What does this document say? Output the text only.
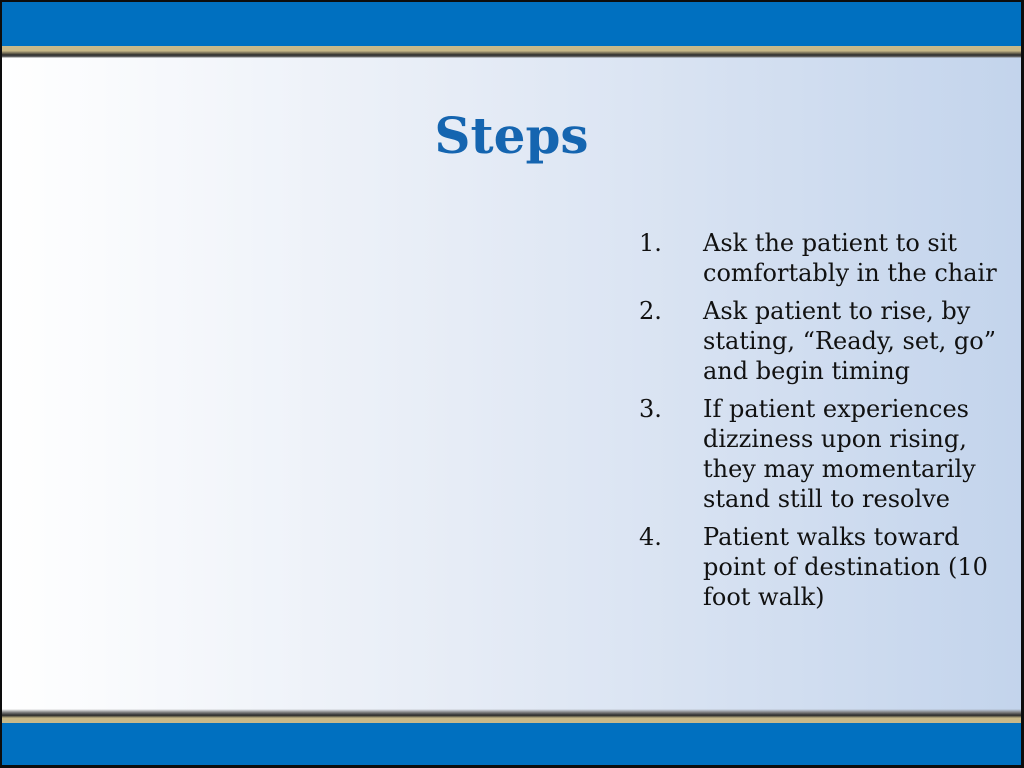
Steps
1.	Ask the patient to sit comfortably in the chair
2.	Ask patient to rise, by stating, “Ready, set, go” and begin timing
3.	If patient experiences dizziness upon rising, they may momentarily stand still to resolve
4.	Patient walks toward point of destination (10 foot walk)
